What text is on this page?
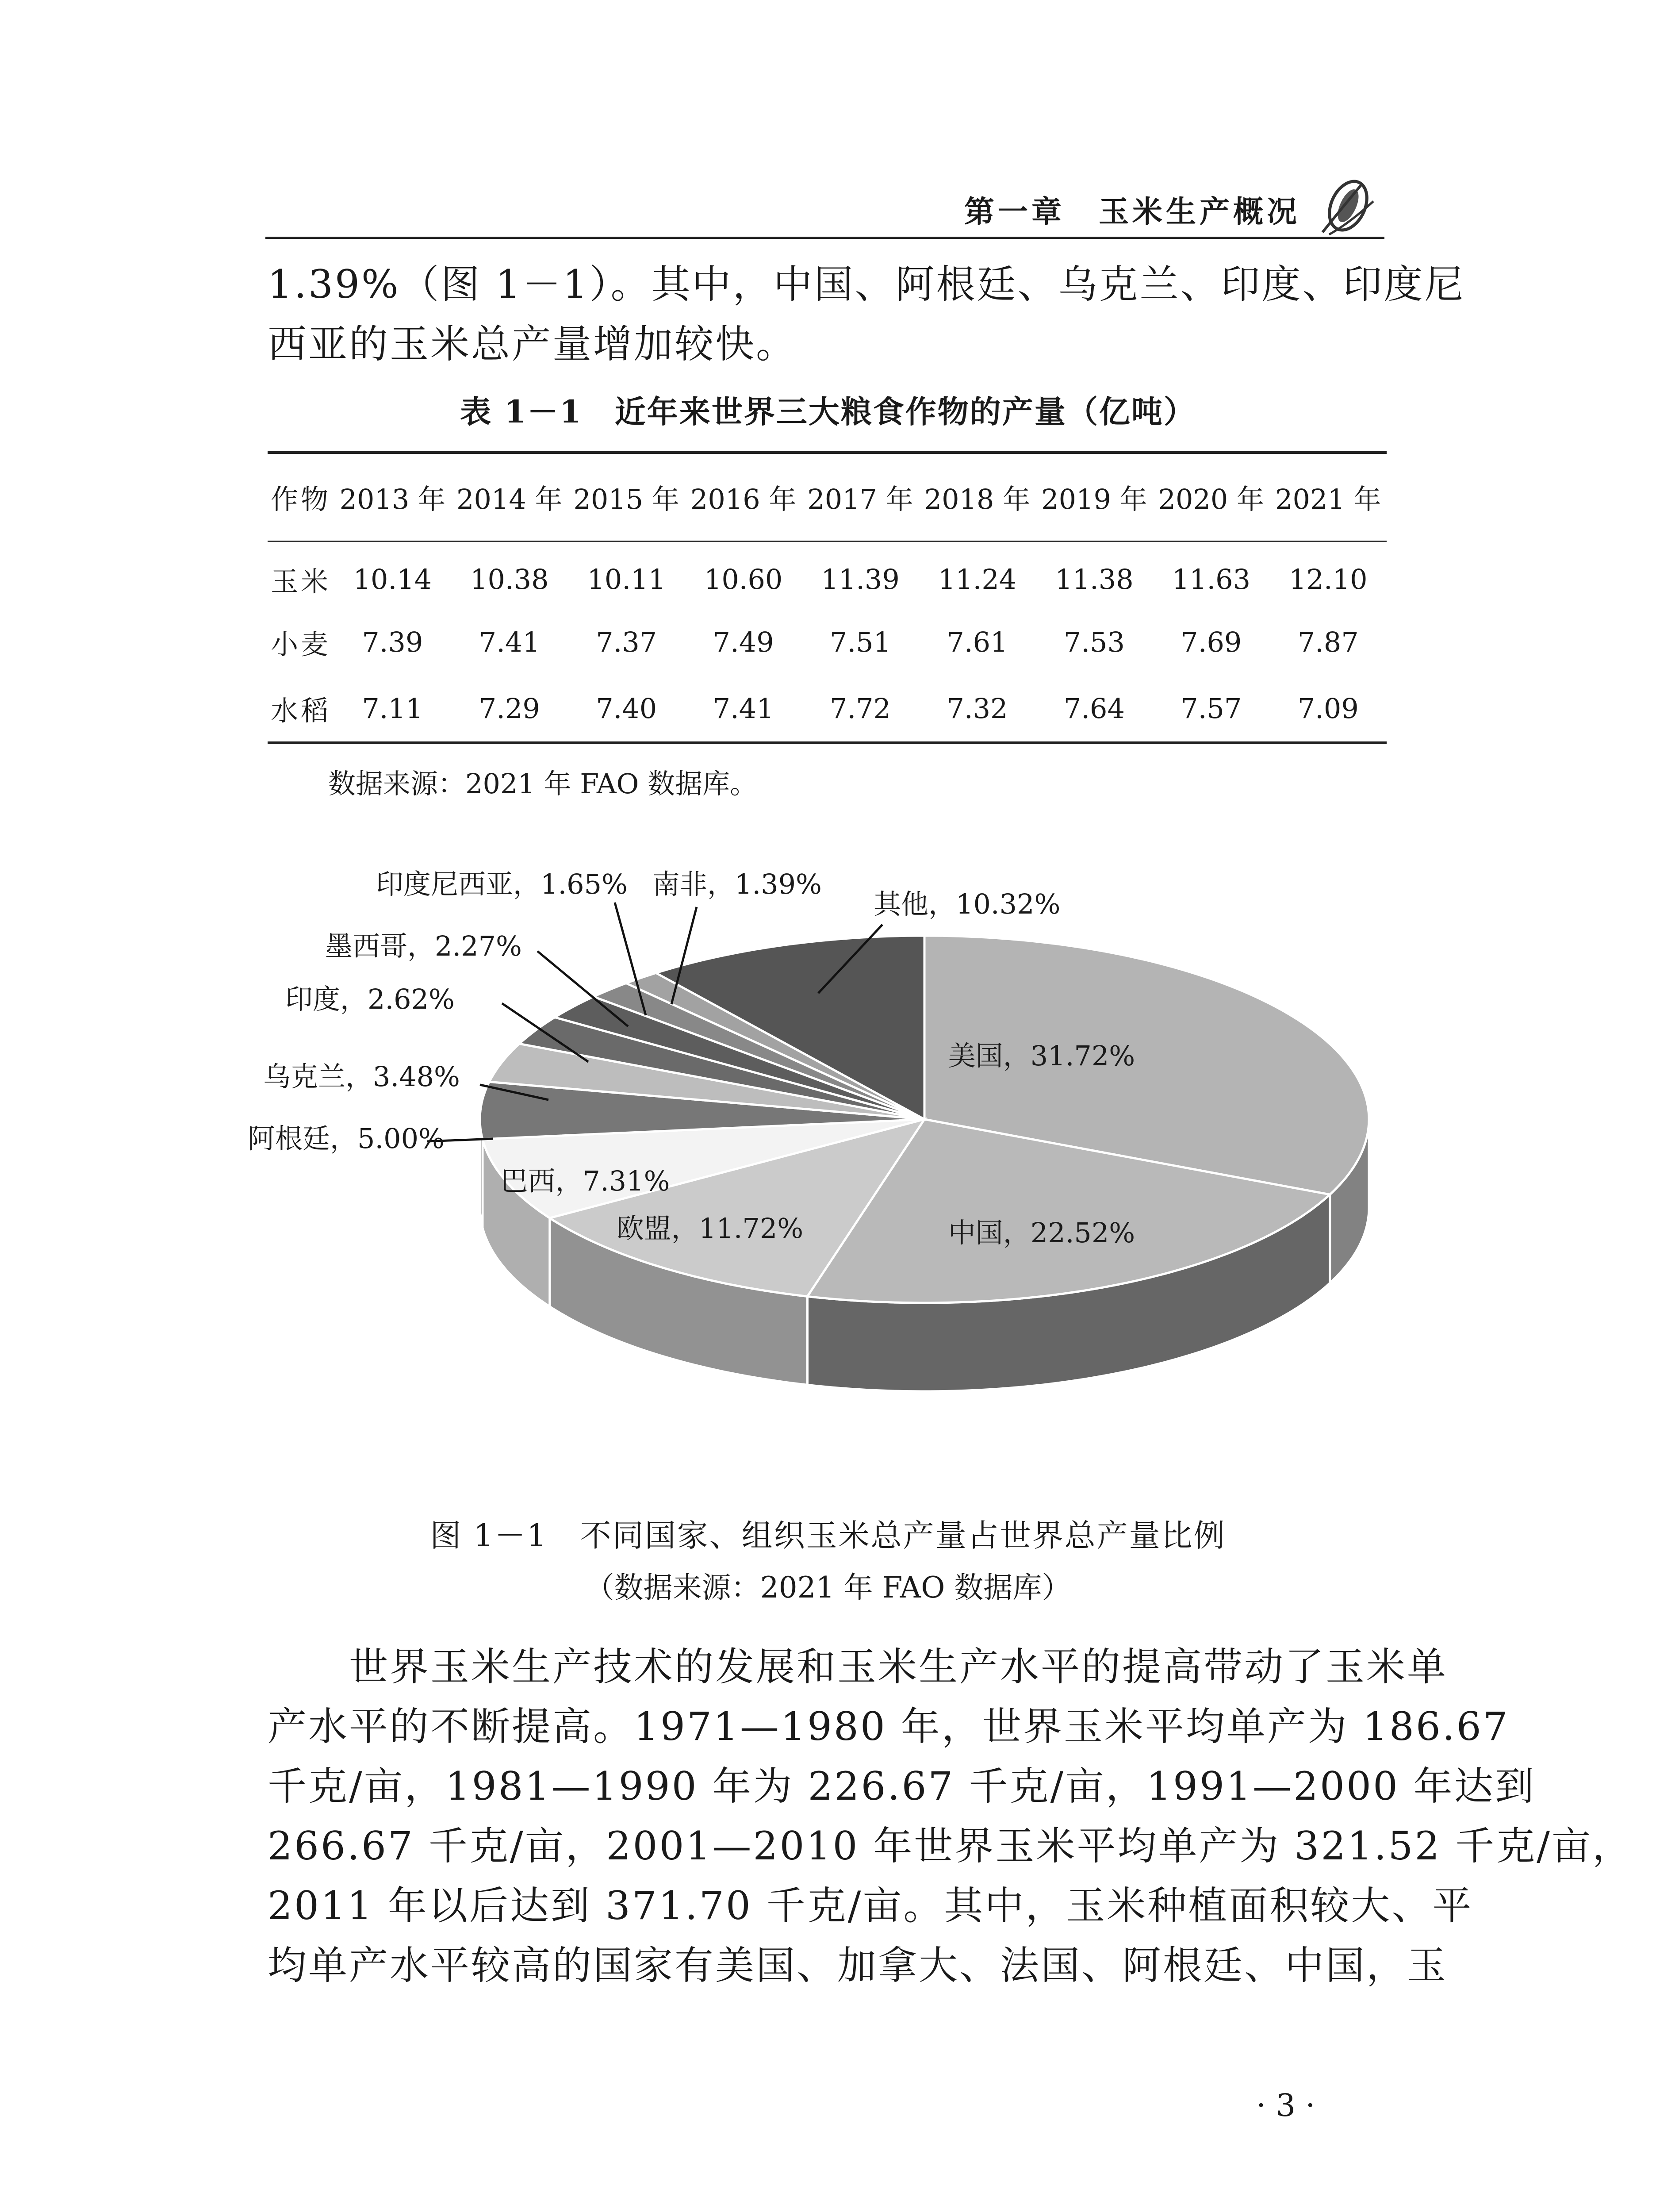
第一章　玉米生产概况
1.39%（图 1－1）。其中，中国、阿根廷、乌克兰、印度、印度尼
西亚的玉米总产量增加较快。
表 1－1　近年来世界三大粮食作物的产量（亿吨）
作物	2013 年	2014 年	2015 年	2016 年	2017 年	2018 年	2019 年	2020 年	2021 年
玉米	10.14	10.38	10.11	10.60	11.39	11.24	11.38	11.63	12.10
小麦	7.39	7.41	7.37	7.49	7.51	7.61	7.53	7.69	7.87
水稻	7.11	7.29	7.40	7.41	7.72	7.32	7.64	7.57	7.09
数据来源：2021 年 FAO 数据库。
美国，31.72%
中国，22.52%
欧盟，11.72%
巴西，7.31%
阿根廷，5.00%
乌克兰，3.48%
印度，2.62%
墨西哥，2.27%
印度尼西亚，1.65% 南非，1.39%
其他，10.32%
图 1－1　不同国家、组织玉米总产量占世界总产量比例
（数据来源：2021 年 FAO 数据库）
　　世界玉米生产技术的发展和玉米生产水平的提高带动了玉米单
产水平的不断提高。1971—1980 年，世界玉米平均单产为 186.67
千克/亩，1981—1990 年为 226.67 千克/亩，1991—2000 年达到
266.67 千克/亩，2001—2010 年世界玉米平均单产为 321.52 千克/亩，
2011 年以后达到 371.70 千克/亩。其中，玉米种植面积较大、平
均单产水平较高的国家有美国、加拿大、法国、阿根廷、中国，玉
· 3 ·
